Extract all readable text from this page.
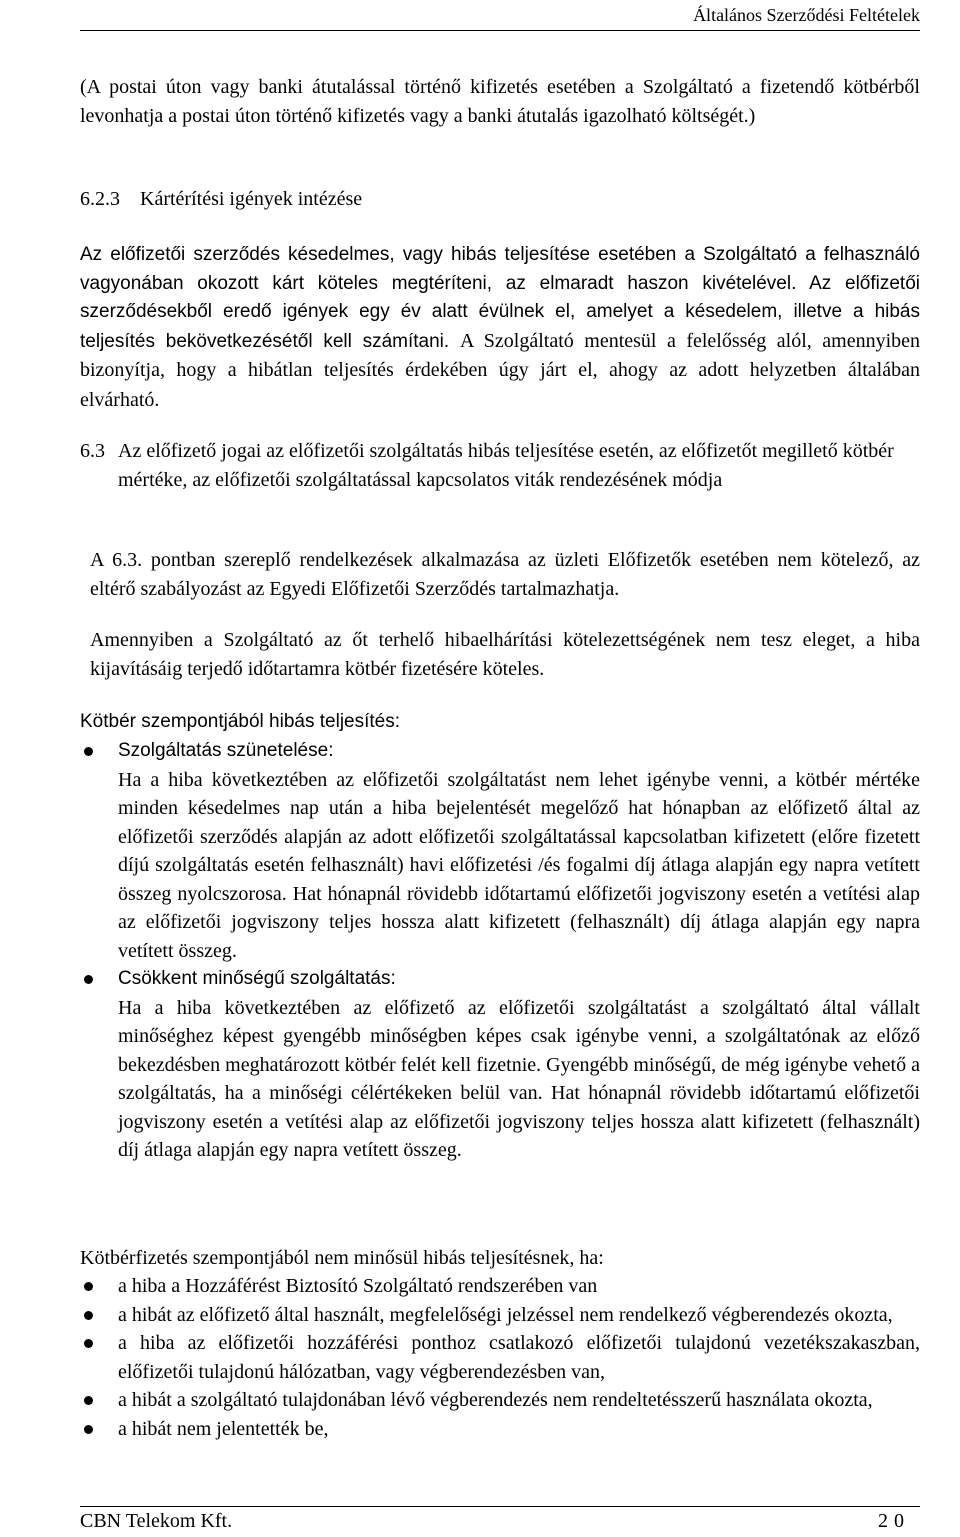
Általános Szerződési Feltételek

(A postai úton vagy banki átutalással történő kifizetés esetében a Szolgáltató a fizetendő kötbérből levonhatja a postai úton történő kifizetés vagy a banki átutalás igazolható költségét.)

6.2.3 Kártérítési igények intézése
Az előfizetői szerződés késedelmes, vagy hibás teljesítése esetében a Szolgáltató a felhasználó vagyonában okozott kárt köteles megtéríteni, az elmaradt haszon kivételével. Az előfizetői szerződésekből eredő igények egy év alatt évülnek el, amelyet a késedelem, illetve a hibás teljesítés bekövetkezésétől kell számítani. A Szolgáltató mentesül a felelősség alól, amennyiben bizonyítja, hogy a hibátlan teljesítés érdekében úgy járt el, ahogy az adott helyzetben általában elvárható.
6.3 Az előfizető jogai az előfizetői szolgáltatás hibás teljesítése esetén, az előfizetőt megillető kötbér mértéke, az előfizetői szolgáltatással kapcsolatos viták rendezésének módja

A 6.3. pontban szereplő rendelkezések alkalmazása az üzleti Előfizetők esetében nem kötelező, az eltérő szabályozást az Egyedi Előfizetői Szerződés tartalmazhatja.

Amennyiben a Szolgáltató az őt terhelő hibaelhárítási kötelezettségének nem tesz eleget, a hiba kijavításáig terjedő időtartamra kötbér fizetésére köteles.

Kötbér szempontjából hibás teljesítés:
Szolgáltatás szünetelése:
Ha a hiba következtében az előfizetői szolgáltatást nem lehet igénybe venni, a kötbér mértéke minden késedelmes nap után a hiba bejelentését megelőző hat hónapban az előfizető által az előfizetői szerződés alapján az adott előfizetői szolgáltatással kapcsolatban kifizetett (előre fizetett díjú szolgáltatás esetén felhasznált) havi előfizetési /és fogalmi díj átlaga alapján egy napra vetített összeg nyolcszorosa. Hat hónapnál rövidebb időtartamú előfizetői jogviszony esetén a vetítési alap az előfizetői jogviszony teljes hossza alatt kifizetett (felhasznált) díj átlaga alapján egy napra vetített összeg.
Csökkent minőségű szolgáltatás:
Ha a hiba következtében az előfizető az előfizetői szolgáltatást a szolgáltató által vállalt minőséghez képest gyengébb minőségben képes csak igénybe venni, a szolgáltatónak az előző bekezdésben meghatározott kötbér felét kell fizetnie. Gyengébb minőségű, de még igénybe vehető a szolgáltatás, ha a minőségi célértékeken belül van. Hat hónapnál rövidebb időtartamú előfizetői jogviszony esetén a vetítési alap az előfizetői jogviszony teljes hossza alatt kifizetett (felhasznált) díj átlaga alapján egy napra vetített összeg.
Kötbérfizetés szempontjából nem minősül hibás teljesítésnek, ha:
a hiba a Hozzáférést Biztosító Szolgáltató rendszerében van
a hibát az előfizető által használt, megfelelőségi jelzéssel nem rendelkező végberendezés okozta,
a hiba az előfizetői hozzáférési ponthoz csatlakozó előfizetői tulajdonú vezetékszakaszban, előfizetői tulajdonú hálózatban, vagy végberendezésben van,
a hibát a szolgáltató tulajdonában lévő végberendezés nem rendeltetésszerű használata okozta,
a hibát nem jelentették be,
CBN Telekom Kft.	20
